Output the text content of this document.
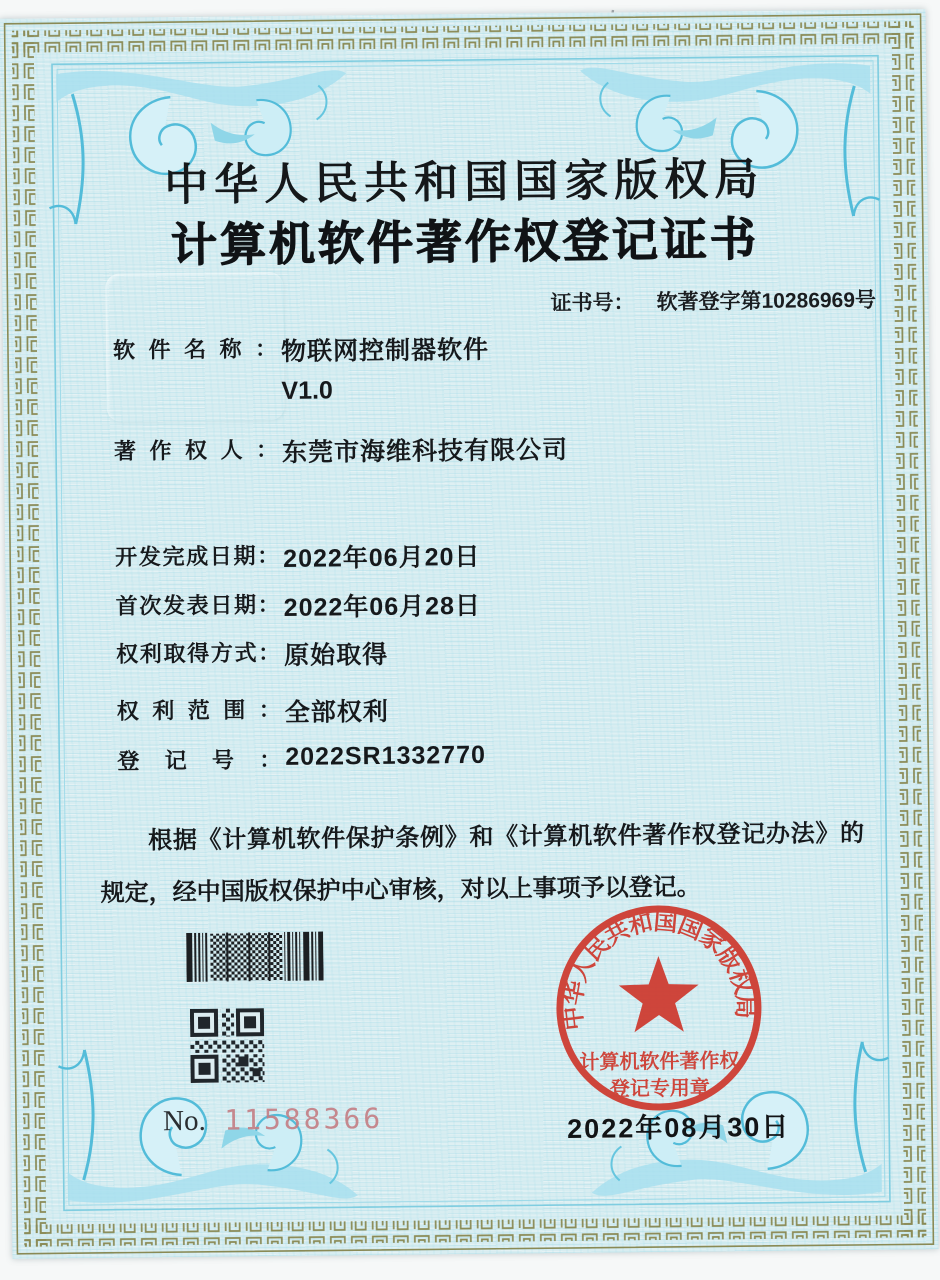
中华人民共和国国家版权局
计算机软件著作权登记证书
证书号： 软著登字第10286969号
软件名称： 物联网控制器软件
V1.0
著作权人： 东莞市海维科技有限公司
开发完成日期： 2022年06月20日
首次发表日期： 2022年06月28日
权利取得方式： 原始取得
权利范围： 全部权利
登记号： 2022SR1332770
根据《计算机软件保护条例》和《计算机软件著作权登记办法》的规定，经中国版权保护中心审核，对以上事项予以登记。
No. 11588366
中华人民共和国国家版权局
计算机软件著作权
登记专用章
2022年08月30日
